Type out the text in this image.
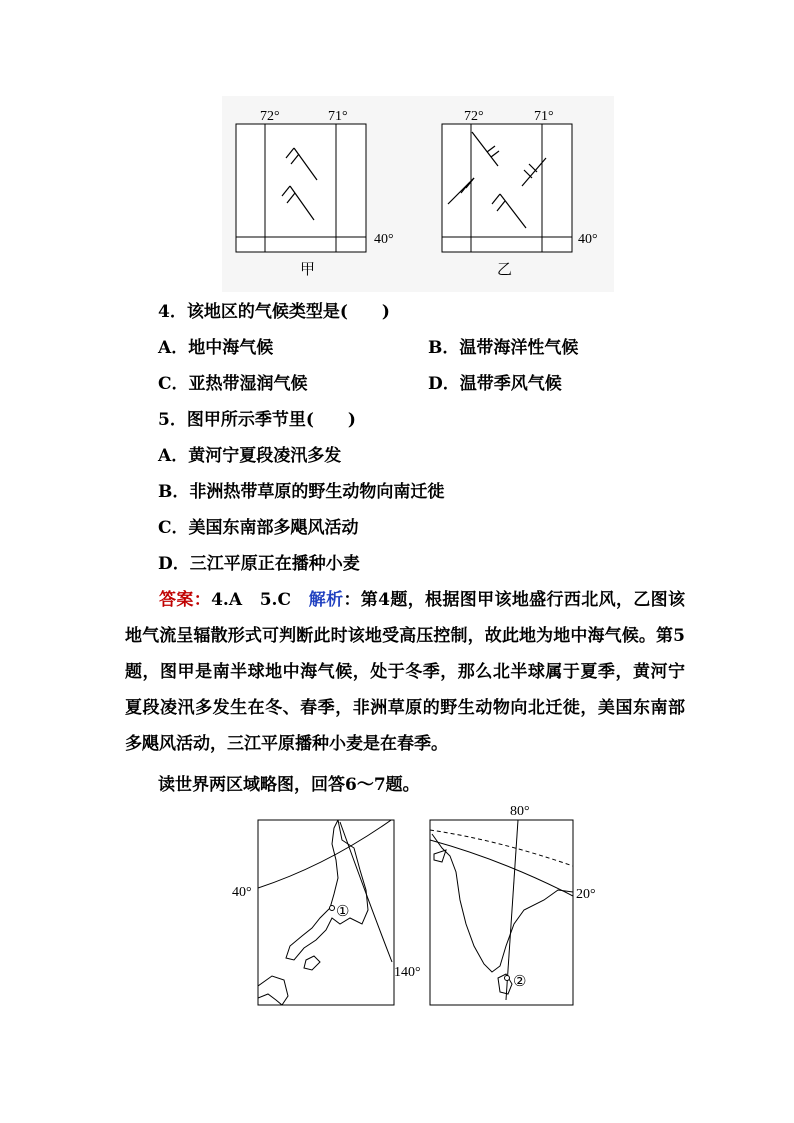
72°	71°
40°
甲
72°	71°
40°
乙
4．该地区的气候类型是(　　)
A．地中海气候	B．温带海洋性气候
C．亚热带湿润气候	D．温带季风气候
5．图甲所示季节里(　　)
A．黄河宁夏段凌汛多发
B．非洲热带草原的野生动物向南迁徙
C．美国东南部多飓风活动
D．三江平原正在播种小麦
答案：4.A　5.C　解析：第4题，根据图甲该地盛行西北风，乙图该地气流呈辐散形式可判断此时该地受高压控制，故此地为地中海气候。第5题，图甲是南半球地中海气候，处于冬季，那么北半球属于夏季，黄河宁夏段凌汛多发生在冬、春季，非洲草原的野生动物向北迁徙，美国东南部多飓风活动，三江平原播种小麦是在春季。
读世界两区域略图，回答6～7题。
①
40°
140°
②
80°
20°
